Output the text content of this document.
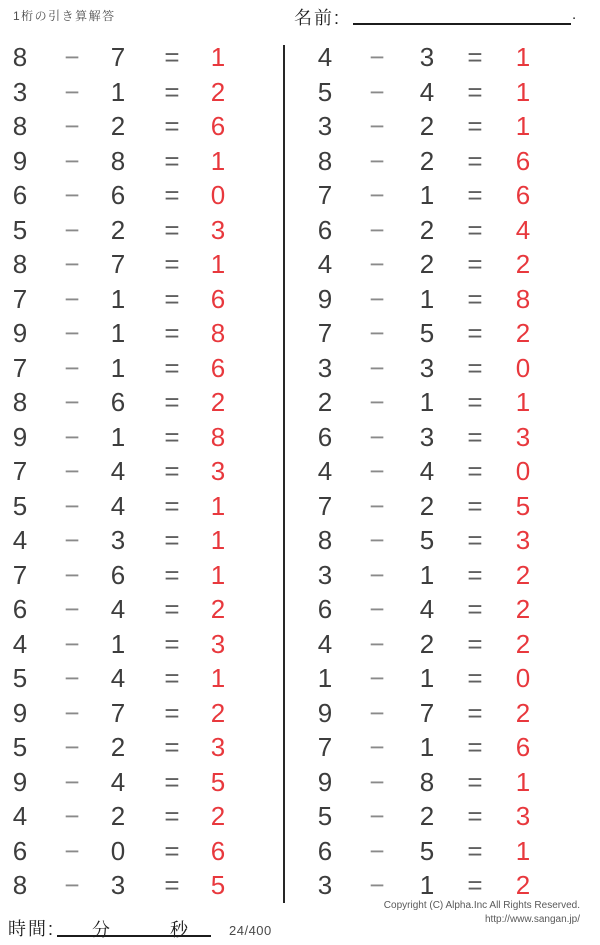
1桁の引き算解答	名前:	.
8 − 7 = 1
3 − 1 = 2
8 − 2 = 6
9 − 8 = 1
6 − 6 = 0
5 − 2 = 3
8 − 7 = 1
7 − 1 = 6
9 − 1 = 8
7 − 1 = 6
8 − 6 = 2
9 − 1 = 8
7 − 4 = 3
5 − 4 = 1
4 − 3 = 1
7 − 6 = 1
6 − 4 = 2
4 − 1 = 3
5 − 4 = 1
9 − 7 = 2
5 − 2 = 3
9 − 4 = 5
4 − 2 = 2
6 − 0 = 6
8 − 3 = 5
4 − 3 = 1
5 − 4 = 1
3 − 2 = 1
8 − 2 = 6
7 − 1 = 6
6 − 2 = 4
4 − 2 = 2
9 − 1 = 8
7 − 5 = 2
3 − 3 = 0
2 − 1 = 1
6 − 3 = 3
4 − 4 = 0
7 − 2 = 5
8 − 5 = 3
3 − 1 = 2
6 − 4 = 2
4 − 2 = 2
1 − 1 = 0
9 − 7 = 2
7 − 1 = 6
9 − 8 = 1
5 − 2 = 3
6 − 5 = 1
3 − 1 = 2
時間: 分	秒	24/400
Copyright (C) Alpha.Inc All Rights Reserved.
http://www.sangan.jp/
